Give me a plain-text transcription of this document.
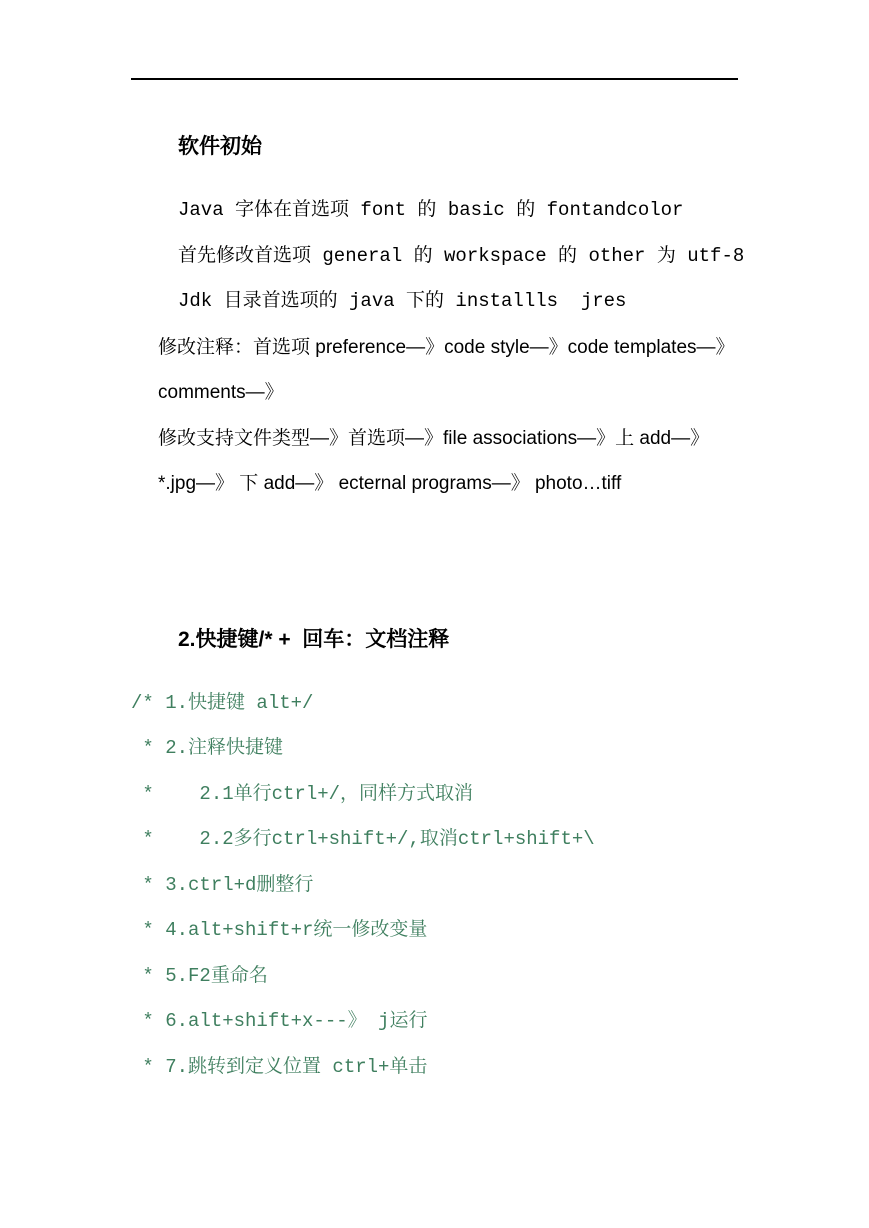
软件初始
Java 字体在首选项 font 的 basic 的 fontandcolor
首先修改首选项 general 的 workspace 的 other 为 utf-8
Jdk 目录首选项的 java 下的 installls  jres
修改注释：首选项 preference—》code style—》code templates—》
comments—》
修改支持文件类型—》首选项—》file associations—》上 add—》
*.jpg—》 下 add—》 ecternal programs—》 photo…tiff
2.快捷键/* +  回车：文档注释
/* 1.快捷键 alt+/
* 2.注释快捷键
*    2.1单行ctrl+/，同样方式取消
*    2.2多行ctrl+shift+/,取消ctrl+shift+\
* 3.ctrl+d删整行
* 4.alt+shift+r统一修改变量
* 5.F2重命名
* 6.alt+shift+x---》 j运行
* 7.跳转到定义位置 ctrl+单击
